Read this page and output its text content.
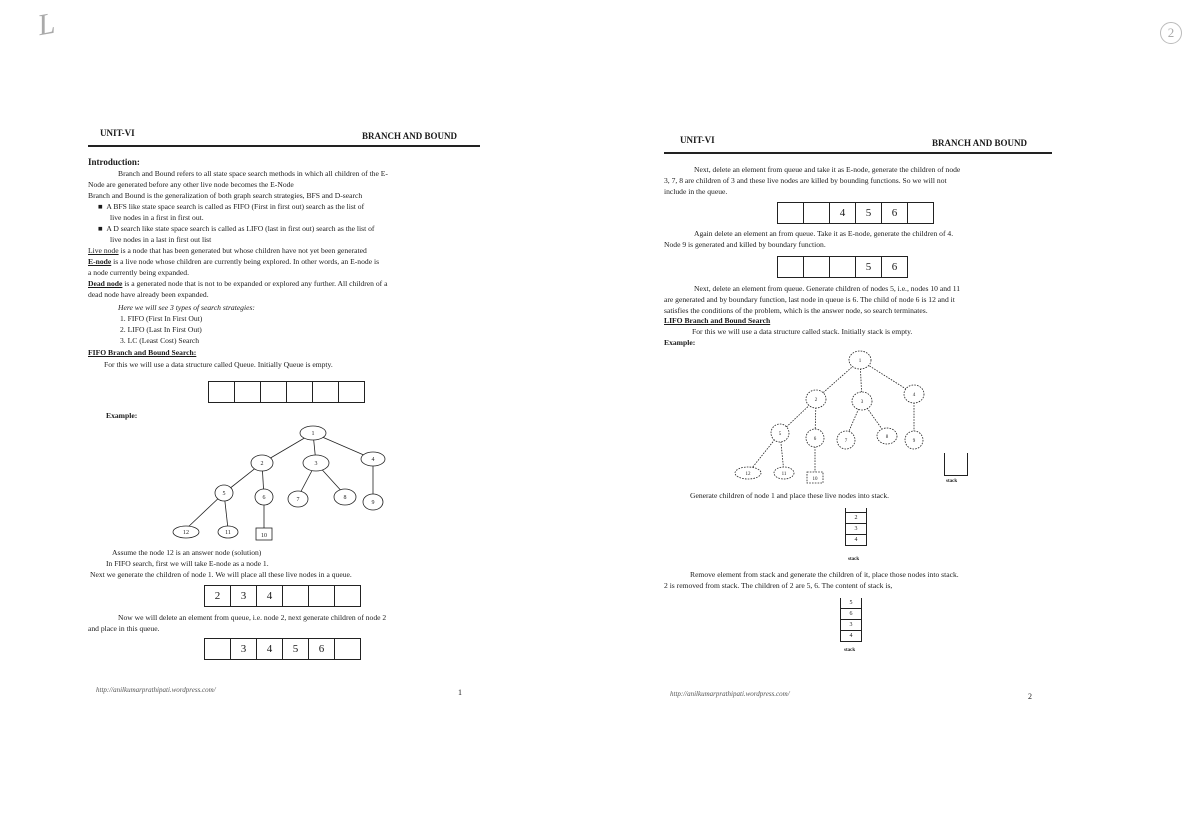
L	2
UNIT-VI	BRANCH AND BOUND
Introduction:
Branch and Bound refers to all state space search methods in which all children of the E-
Node are generated before any other live node becomes the E-Node
Branch and Bound is the generalization of both graph search strategies, BFS and D-search
■  A BFS like state space search is called as FIFO (First in first out) search as the list of
live nodes in a first in first out.
■  A D search like state space search is called as LIFO (last in first out) search as the list of
live nodes in a last in first out list
Live node is a node that has been generated but whose children have not yet been generated
E-node is a live node whose children are currently being explored. In other words, an E-node is
a node currently being expanded.
Dead node is a generated node that is not to be expanded or explored any further. All children of a
dead node have already been expanded.
Here we will see 3 types of search strategies:
1. FIFO (First In First Out)
2. LIFO (Last In First Out)
3. LC (Least Cost) Search
FIFO Branch and Bound Search:
For this we will use a data structure called Queue. Initially Queue is empty.
Example:
1
2	3
4
5
6	7	8
9
12	11	10
Assume the node 12 is an answer node (solution)
In FIFO search, first we will take E-node as a node 1.
Next we generate the children of node 1. We will place all these live nodes in a queue.
2	3	4
Now we will delete an element from queue, i.e. node 2, next generate children of node 2
and place in this queue.
3	4	5	6
http://anilkumarprathipati.wordpress.com/	1
UNIT-VI	BRANCH AND BOUND
Next, delete an element from queue and take it as E-node, generate the children of node
3, 7, 8 are children of 3 and these live nodes are killed by bounding functions. So we will not
include in the queue.
4	5	6
Again delete an element an from queue. Take it as E-node, generate the children of 4.
Node 9 is generated and killed by boundary function.
5	6
Next, delete an element from queue. Generate children of nodes 5, i.e., nodes 10 and 11
are generated and by boundary function, last node in queue is 6. The child of node 6 is 12 and it
satisfies the conditions of the problem, which is the answer node, so search terminates.
LIFO Branch and Bound Search
For this we will use a data structure called stack. Initially stack is empty.
Example:
1
2	3
4
5
6	7
8
9
12	11
10	stack
Generate children of node 1 and place these live nodes into stack.
2
3
4
stack
Remove element from stack and generate the children of it, place those nodes into stack.
2 is removed from stack. The children of 2 are 5, 6. The content of stack is,
5
6
3
4
stack
http://anilkumarprathipati.wordpress.com/	2
